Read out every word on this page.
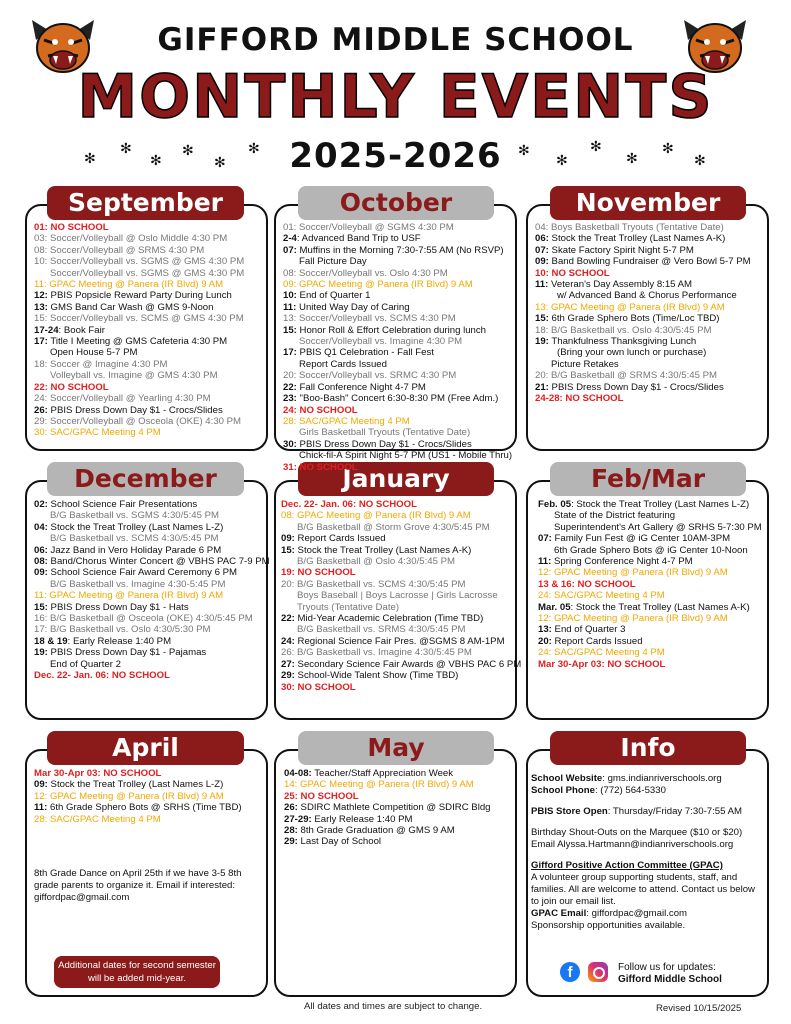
GIFFORD MIDDLE SCHOOL
MONTHLY EVENTS
✻
✻
✻
✻
✻
✻	✻
✻
✻
✻
✻
✻
2025-2026
September
01: NO SCHOOL
03: Soccer/Volleyball @ Oslo Middle 4:30 PM
08: Soccer/Volleyball @ SRMS 4:30 PM
10: Soccer/Volleyball vs. SGMS @ GMS 4:30 PM
Soccer/Volleyball vs. SGMS @ GMS 4:30 PM
11: GPAC Meeting @ Panera (IR Blvd) 9 AM
12: PBIS Popsicle Reward Party During Lunch
13: GMS Band Car Wash @ GMS 9-Noon
15: Soccer/Volleyball vs. SCMS @ GMS 4:30 PM
17-24: Book Fair
17: Title I Meeting @ GMS Cafeteria 4:30 PM
Open House 5-7 PM
18: Soccer @ Imagine 4:30 PM
Volleyball vs. Imagine @ GMS 4:30 PM
22: NO SCHOOL
24: Soccer/Volleyball @ Yearling 4:30 PM
26: PBIS Dress Down Day $1 - Crocs/Slides
29: Soccer/Volleyball @ Osceola (OKE) 4:30 PM
30: SAC/GPAC Meeting 4 PM
October
01: Soccer/Volleyball @ SGMS 4:30 PM
2-4: Advanced Band Trip to USF
07: Muffins in the Morning 7:30-7:55 AM (No RSVP)
Fall Picture Day
08: Soccer/Volleyball vs. Oslo 4:30 PM
09: GPAC Meeting @ Panera (IR Blvd) 9 AM
10: End of Quarter 1
11: United Way Day of Caring
13: Soccer/Volleyball vs. SCMS 4:30 PM
15: Honor Roll & Effort Celebration during lunch
Soccer/Volleyball vs. Imagine 4:30 PM
17: PBIS Q1 Celebration - Fall Fest
Report Cards Issued
20: Soccer/Volleyball vs. SRMC 4:30 PM
22: Fall Conference Night 4-7 PM
23: "Boo-Bash" Concert 6:30-8:30 PM (Free Adm.)
24: NO SCHOOL
28: SAC/GPAC Meeting 4 PM
Girls Basketball Tryouts (Tentative Date)
30: PBIS Dress Down Day $1 - Crocs/Slides
Chick-fil-A Spirit Night 5-7 PM (US1 - Mobile Thru)
31: NO SCHOOL
November
04: Boys Basketball Tryouts (Tentative Date)
06: Stock the Treat Trolley (Last Names A-K)
07: Skate Factory Spirit Night 5-7 PM
09: Band Bowling Fundraiser @ Vero Bowl 5-7 PM
10: NO SCHOOL
11: Veteran's Day Assembly 8:15 AM
w/ Advanced Band & Chorus Performance
13: GPAC Meeting @ Panera (IR Blvd) 9 AM
15: 6th Grade Sphero Bots (Time/Loc TBD)
18: B/G Basketball vs. Oslo 4:30/5:45 PM
19: Thankfulness Thanksgiving Lunch
(Bring your own lunch or purchase)
Picture Retakes
20: B/G Basketball @ SRMS 4:30/5:45 PM
21: PBIS Dress Down Day $1 - Crocs/Slides
24-28: NO SCHOOL
December
02: School Science Fair Presentations
B/G Basketball vs. SGMS 4:30/5:45 PM
04: Stock the Treat Trolley (Last Names L-Z)
B/G Basketball vs. SCMS 4:30/5:45 PM
06: Jazz Band in Vero Holiday Parade 6 PM
08: Band/Chorus Winter Concert @ VBHS PAC 7-9 PM
09: School Science Fair Award Ceremony 6 PM
B/G Basketball vs. Imagine 4:30-5:45 PM
11: GPAC Meeting @ Panera (IR Blvd) 9 AM
15: PBIS Dress Down Day $1 - Hats
16: B/G Basketball @ Osceola (OKE) 4:30/5:45 PM
17: B/G Basketball vs. Oslo 4:30/5:30 PM
18 & 19: Early Release 1:40 PM
19: PBIS Dress Down Day $1 - Pajamas
End of Quarter 2
Dec. 22- Jan. 06: NO SCHOOL
January
Dec. 22- Jan. 06: NO SCHOOL
08: GPAC Meeting @ Panera (IR Blvd) 9 AM
B/G Basketball @ Storm Grove 4:30/5:45 PM
09: Report Cards Issued
15: Stock the Treat Trolley (Last Names A-K)
B/G Basketball @ Oslo 4:30/5:45 PM
19: NO SCHOOL
20: B/G Basketball vs. SCMS 4:30/5:45 PM
Boys Baseball | Boys Lacrosse | Girls Lacrosse
Tryouts (Tentative Date)
22: Mid-Year Academic Celebration (Time TBD)
B/G Basketball vs. SRMS 4:30/5:45 PM
24: Regional Science Fair Pres. @SGMS 8 AM-1PM
26: B/G Basketball vs. Imagine 4:30/5:45 PM
27: Secondary Science Fair Awards @ VBHS PAC 6 PM
29: School-Wide Talent Show (Time TBD)
30: NO SCHOOL
Feb/Mar
Feb. 05: Stock the Treat Trolley (Last Names L-Z)
State of the District featuring
Superintendent's Art Gallery @ SRHS 5-7:30 PM
07: Family Fun Fest @ iG Center 10AM-3PM
6th Grade Sphero Bots @ iG Center 10-Noon
11: Spring Conference Night 4-7 PM
12: GPAC Meeting @ Panera (IR Blvd) 9 AM
13 & 16: NO SCHOOL
24: SAC/GPAC Meeting 4 PM
Mar. 05: Stock the Treat Trolley (Last Names A-K)
12: GPAC Meeting @ Panera (IR Blvd) 9 AM
13: End of Quarter 3
20: Report Cards Issued
24: SAC/GPAC Meeting 4 PM
Mar 30-Apr 03: NO SCHOOL
April
Mar 30-Apr 03: NO SCHOOL
09: Stock the Treat Trolley (Last Names L-Z)
12: GPAC Meeting @ Panera (IR Blvd) 9 AM
11: 6th Grade Sphero Bots @ SRHS (Time TBD)
28: SAC/GPAC Meeting 4 PM
8th Grade Dance on April 25th if we have 3-5 8th grade parents to organize it. Email if interested: giffordpac@gmail.com
Additional dates for second semester will be added mid-year.
May
04-08: Teacher/Staff Appreciation Week
14: GPAC Meeting @ Panera (IR Blvd) 9 AM
25: NO SCHOOL
26: SDIRC Mathlete Competition @ SDIRC Bldg
27-29: Early Release 1:40 PM
28: 8th Grade Graduation @ GMS 9 AM
29: Last Day of School
Info

School Website: gms.indianriverschools.org
School Phone: (772) 564-5330

PBIS Store Open: Thursday/Friday 7:30-7:55 AM

Birthday Shout-Outs on the Marquee ($10 or $20)
Email Alyssa.Hartmann@indianriverschools.org

Gifford Positive Action Committee (GPAC)
A volunteer group supporting students, staff, and families. All are welcome to attend. Contact us below to join our email list.
GPAC Email: giffordpac@gmail.com
Sponsorship opportunities available.

f	Follow us for updates:
Gifford Middle School
All dates and times are subject to change.	Revised 10/15/2025
